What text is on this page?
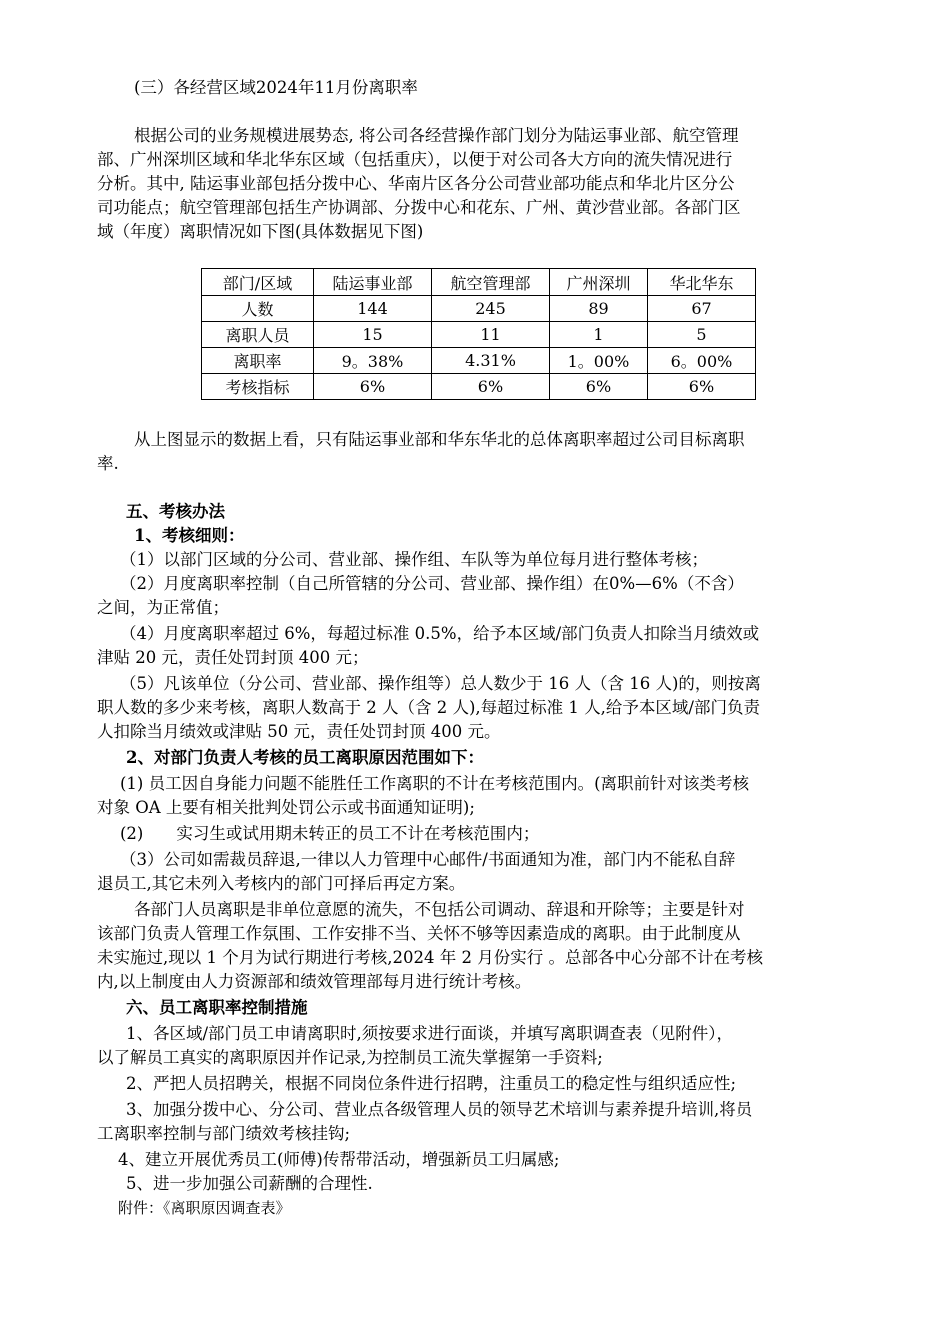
(三）各经营区域2024年11月份离职率
根据公司的业务规模进展势态, 将公司各经营操作部门划分为陆运事业部、航空管理
部、广州深圳区域和华北华东区域（包括重庆），以便于对公司各大方向的流失情况进行
分析。其中, 陆运事业部包括分拨中心、华南片区各分公司营业部功能点和华北片区分公
司功能点；航空管理部包括生产协调部、分拨中心和花东、广州、黄沙营业部。各部门区
域（年度）离职情况如下图(具体数据见下图)
部门/区域	陆运事业部	航空管理部	广州深圳	华北华东
人数	144	245	89	67
离职人员	15	11	1	5
离职率	9。38%	4.31%	1。00%	6。00%
考核指标	6%	6%	6%	6%
从上图显示的数据上看，只有陆运事业部和华东华北的总体离职率超过公司目标离职
率.
五、考核办法
1、考核细则：
（1）以部门区域的分公司、营业部、操作组、车队等为单位每月进行整体考核；
（2）月度离职率控制（自己所管辖的分公司、营业部、操作组）在0%—6%（不含）
之间，为正常值；
（4）月度离职率超过 6%，每超过标准 0.5%，给予本区域/部门负责人扣除当月绩效或
津贴 20 元，责任处罚封顶 400 元；
（5）凡该单位（分公司、营业部、操作组等）总人数少于 16 人（含 16 人)的，则按离
职人数的多少来考核，离职人数高于 2 人（含 2 人),每超过标准 1 人,给予本区域/部门负责
人扣除当月绩效或津贴 50 元，责任处罚封顶 400 元。
2、对部门负责人考核的员工离职原因范围如下：
(1) 员工因自身能力问题不能胜任工作离职的不计在考核范围内。(离职前针对该类考核
对象 OA 上要有相关批判处罚公示或书面通知证明);
(2)　　实习生或试用期未转正的员工不计在考核范围内；
（3）公司如需裁员辞退,一律以人力管理中心邮件/书面通知为准，部门内不能私自辞
退员工,其它未列入考核内的部门可择后再定方案。
各部门人员离职是非单位意愿的流失，不包括公司调动、辞退和开除等；主要是针对
该部门负责人管理工作氛围、工作安排不当、关怀不够等因素造成的离职。由于此制度从
未实施过,现以 1 个月为试行期进行考核,2024 年 2 月份实行 。总部各中心分部不计在考核
内,以上制度由人力资源部和绩效管理部每月进行统计考核。
六、员工离职率控制措施
1、各区域/部门员工申请离职时,须按要求进行面谈，并填写离职调查表（见附件），
以了解员工真实的离职原因并作记录,为控制员工流失掌握第一手资料;
2、严把人员招聘关，根据不同岗位条件进行招聘，注重员工的稳定性与组织适应性;
3、加强分拨中心、分公司、营业点各级管理人员的领导艺术培训与素养提升培训,将员
工离职率控制与部门绩效考核挂钩;
4、建立开展优秀员工(师傅)传帮带活动，增强新员工归属感;
5、进一步加强公司薪酬的合理性.
附件：《离职原因调查表》
